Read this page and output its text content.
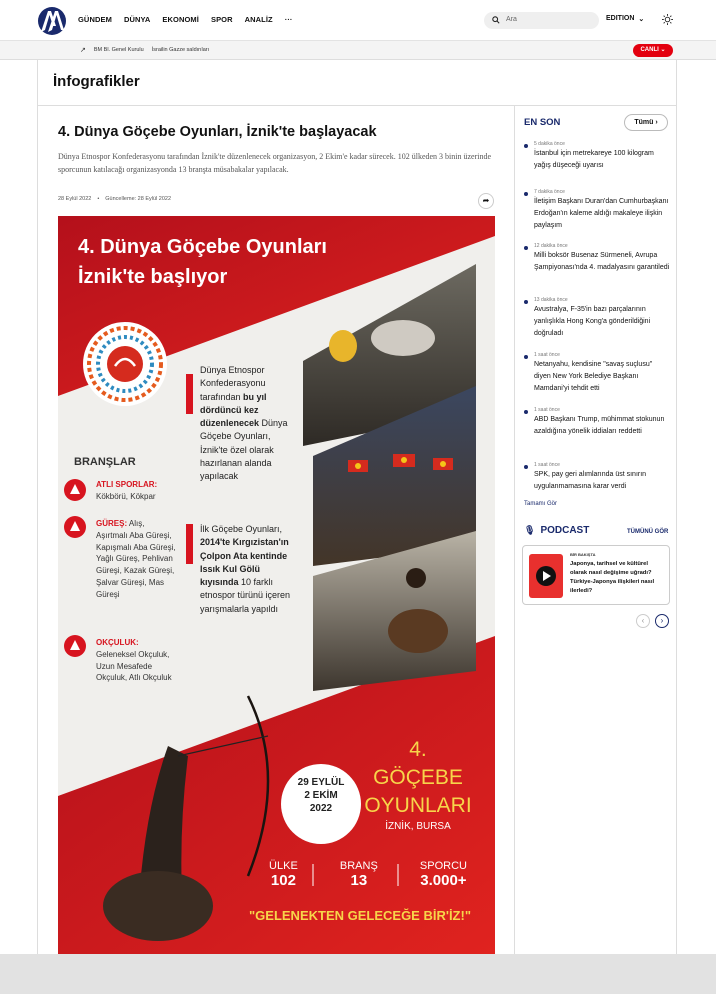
GÜNDEM DÜNYA EKONOMİ SPOR ANALİZ ···	Ara	EDITION ⌄
↗ BM Bl. Genel Kurulu İsrailin Gazze saldırıları	CANLI ⌄
İnfografikler
4. Dünya Göçebe Oyunları, İznik'te başlayacak
Dünya Etnospor Konfederasyonu tarafından İznik'te düzenlenecek organizasyon, 2 Ekim'e kadar sürecek. 102 ülkeden 3 binin üzerinde sporcunun katılacağı organizasyonda 13 branşta müsabakalar yapılacak.
28 Eylül 2022 • Güncelleme: 28 Eylül 2022	➦
4. Dünya Göçebe Oyunları
İznik'te başlıyor
Dünya Etnospor Konfederasyonu tarafından bu yıl dördüncü kez düzenlenecek Dünya Göçebe Oyunları, İznik'te özel olarak hazırlanan alanda yapılacak
İlk Göçebe Oyunları, 2014'te Kırgızistan'ın Çolpon Ata kentinde Issık Kul Gölü kıyısında 10 farklı etnospor türünü içeren yarışmalarla yapıldı
BRANŞLAR
ATLI SPORLAR:
Kökbörü, Kökpar
GÜREŞ: Alış, Aşırtmalı Aba Güreşi, Kapışmalı Aba Güreşi, Yağlı Güreş, Pehlivan Güreşi, Kazak Güreşi, Şalvar Güreşi, Mas Güreşi
OKÇULUK:
Geleneksel Okçuluk, Uzun Mesafede Okçuluk, Atlı Okçuluk
29 EYLÜL
2 EKİM
2022
4.
GÖÇEBE
OYUNLARI
İZNİK, BURSA
ÜLKE
102
BRANŞ
13
SPORCU
3.000+
"GELENEKTEN GELECEĞE BİR'İZ!"
EN SON	Tümü ›
5 dakika önce
İstanbul için metrekareye 100 kilogram yağış düşeceği uyarısı
7 dakika önce
İletişim Başkanı Duran'dan Cumhurbaşkanı Erdoğan'ın kaleme aldığı makaleye ilişkin paylaşım
12 dakika önce
Milli boksör Busenaz Sürmeneli, Avrupa Şampiyonası'nda 4. madalyasını garantiledi
13 dakika önce
Avustralya, F-35'in bazı parçalarının yanlışlıkla Hong Kong'a gönderildiğini doğruladı
1 saat önce
Netanyahu, kendisine "savaş suçlusu" diyen New York Belediye Başkanı Mamdani'yi tehdit etti
1 saat önce
ABD Başkanı Trump, mühimmat stokunun azaldığına yönelik iddiaları reddetti
1 saat önce
SPK, pay geri alımlarında üst sınırın uygulanmamasına karar verdi
Tamamı Gör
🎙 PODCAST	TÜMÜNÜ GÖR
BİR BAKIŞTA
Japonya, tarihsel ve kültürel olarak nasıl değişime uğradı? Türkiye-Japonya ilişkileri nasıl ilerledi?
‹	›
